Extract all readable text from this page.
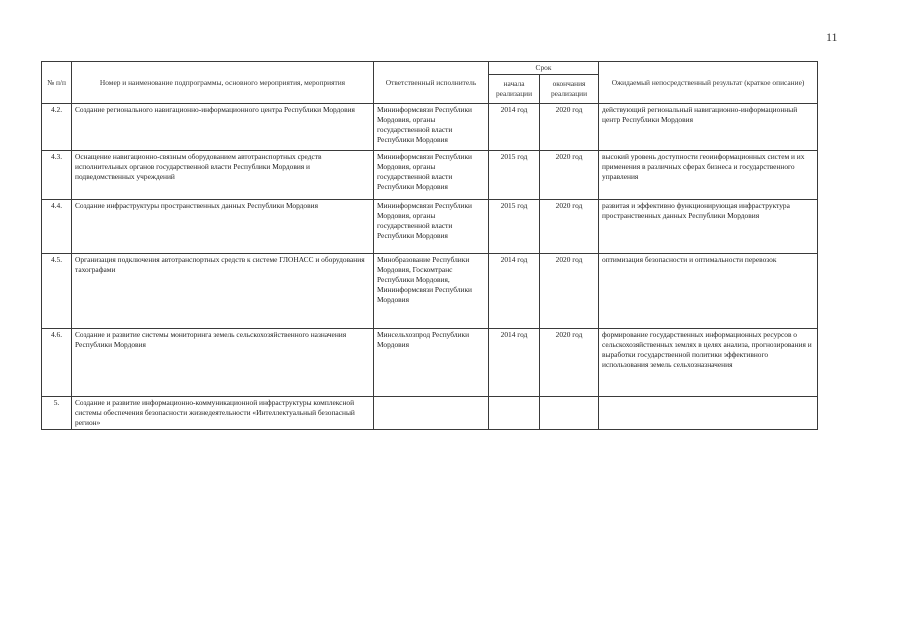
11
№ п/п	Номер и наименование подпрограммы, основного мероприятия, мероприятия	Ответственный исполнитель	Срок		Ожидаемый непосредственный результат (краткое описание)
			начала реализации	окончания реализации	
4.2.	Создание регионального навигационно-информационного центра Республики Мордовия	Мининформсвязи Республики Мордовия, органы государственной власти Республики Мордовия	2014 год	2020 год	действующий региональный навигационно-информационный центр Республики Мордовия
4.3.	Оснащение навигационно-связным оборудованием автотранспортных средств исполнительных органов государственной власти Республики Мордовия и подведомственных учреждений	Мининформсвязи Республики Мордовия, органы государственной власти Республики Мордовия	2015 год	2020 год	высокий уровень доступности геоинформационных систем и их применения в различных сферах бизнеса и государственного управления
4.4.	Создание инфраструктуры пространственных данных Республики Мордовия	Мининформсвязи Республики Мордовия, органы государственной власти Республики Мордовия	2015 год	2020 год	развитая и эффективно функционирующая инфраструктура пространственных данных Республики Мордовия
4.5.	Организация подключения автотранспортных средств к системе ГЛОНАСС и оборудования тахографами	Минобразование Республики Мордовия, Госкомтранс Республики Мордовия, Мининформсвязи Республики Мордовия	2014 год	2020 год	оптимизация безопасности и оптимальности перевозок
4.6.	Создание и развитие системы мониторинга земель сельскохозяйственного назначения Республики Мордовия	Минсельхозпрод Республики Мордовия	2014 год	2020 год	формирование государственных информационных ресурсов о сельскохозяйственных землях в целях анализа, прогнозирования и выработки государственной политики эффективного использования земель сельхозназначения
5.	Создание и развитие информационно-коммуникационной инфраструктуры комплексной системы обеспечения безопасности жизнедеятельности «Интеллектуальный безопасный регион»				
